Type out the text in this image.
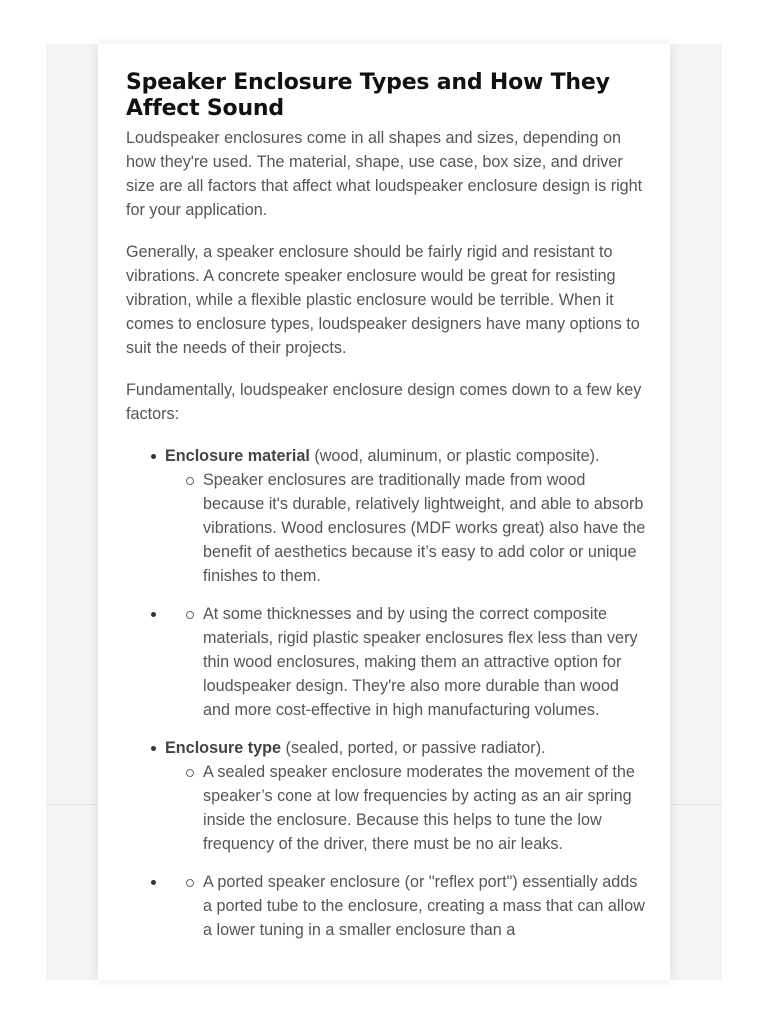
Speaker Enclosure Types and How They Affect Sound

Loudspeaker enclosures come in all shapes and sizes, depending on how they're used. The material, shape, use case, box size, and driver size are all factors that affect what loudspeaker enclosure design is right for your application.

Generally, a speaker enclosure should be fairly rigid and resistant to vibrations. A concrete speaker enclosure would be great for resisting vibration, while a flexible plastic enclosure would be terrible. When it comes to enclosure types, loudspeaker designers have many options to suit the needs of their projects.

Fundamentally, loudspeaker enclosure design comes down to a few key factors:

Enclosure material (wood, aluminum, or plastic composite).
Speaker enclosures are traditionally made from wood because it's durable, relatively lightweight, and able to absorb vibrations. Wood enclosures (MDF works great) also have the benefit of aesthetics because it’s easy to add color or unique finishes to them.
At some thicknesses and by using the correct composite materials, rigid plastic speaker enclosures flex less than very thin wood enclosures, making them an attractive option for loudspeaker design. They're also more durable than wood and more cost-effective in high manufacturing volumes.
Enclosure type (sealed, ported, or passive radiator).
A sealed speaker enclosure moderates the movement of the speaker’s cone at low frequencies by acting as an air spring inside the enclosure. Because this helps to tune the low frequency of the driver, there must be no air leaks.
A ported speaker enclosure (or "reflex port") essentially adds a ported tube to the enclosure, creating a mass that can allow a lower tuning in a smaller enclosure than a
